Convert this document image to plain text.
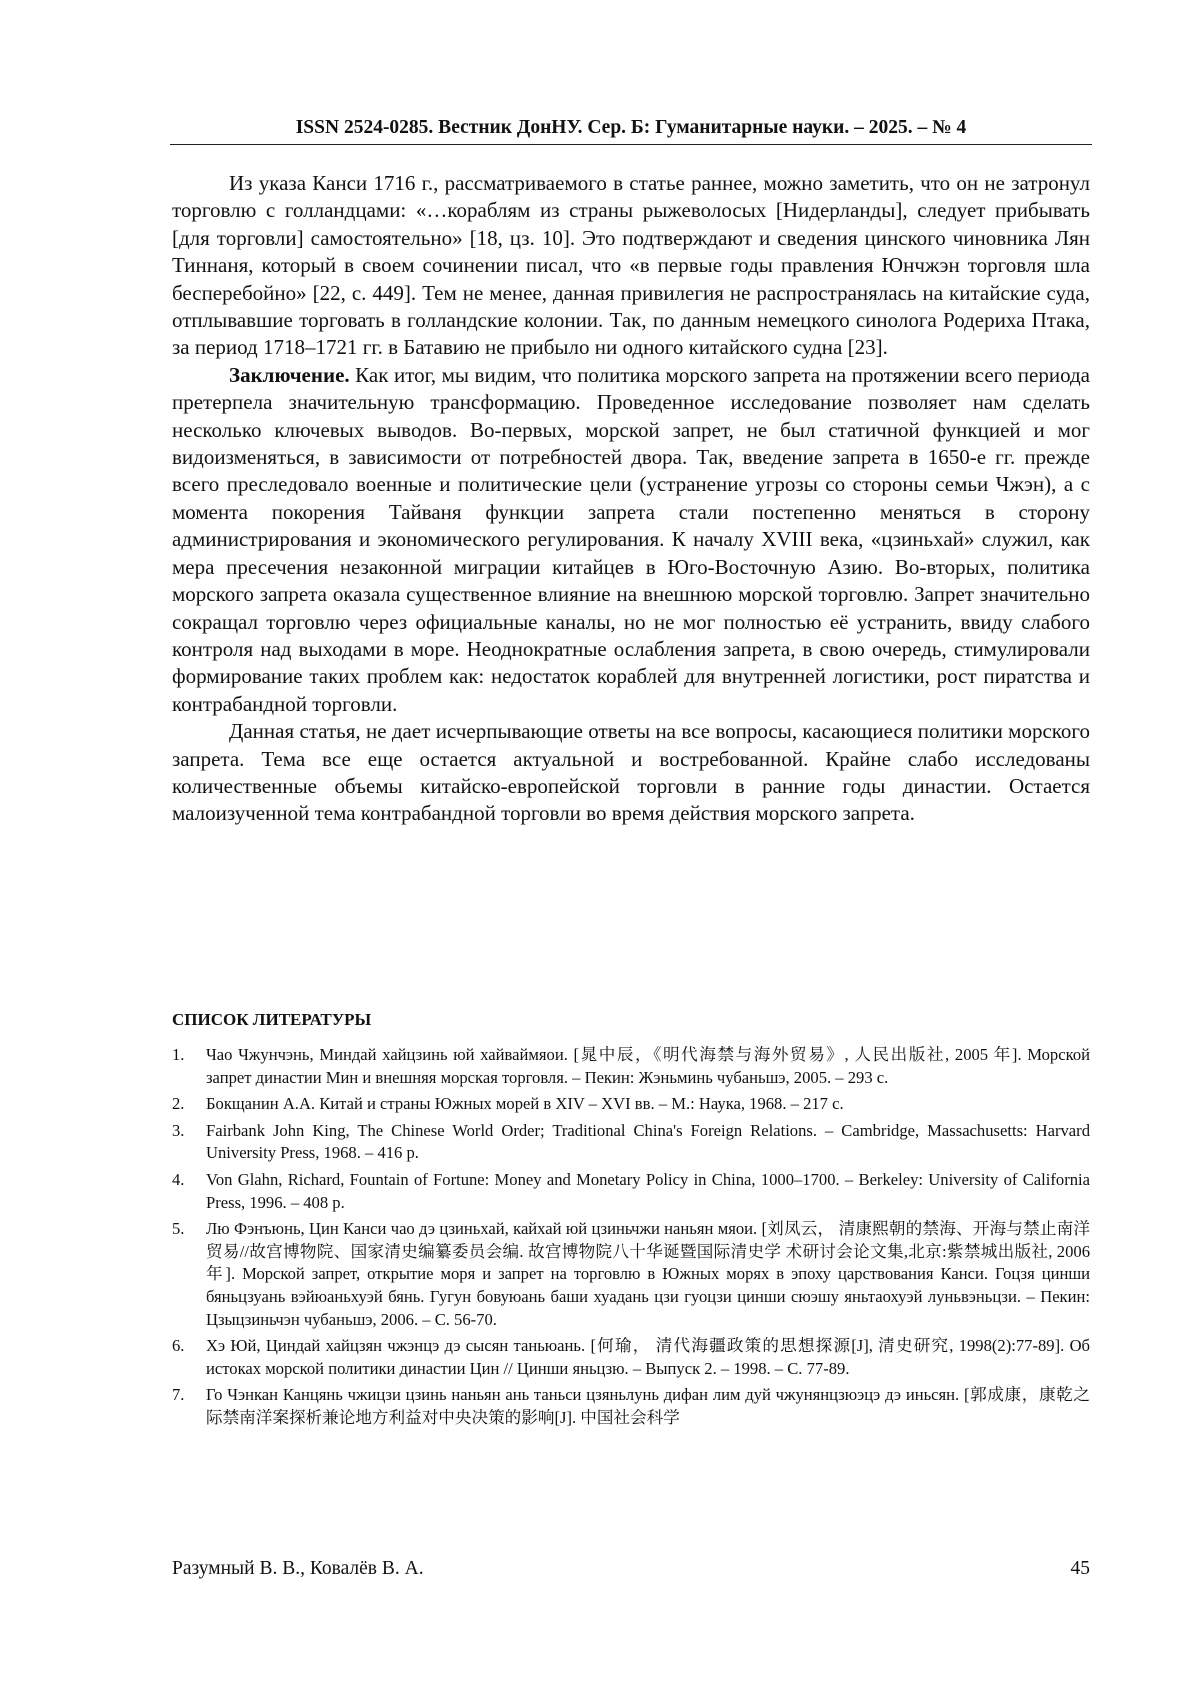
ISSN 2524-0285. Вестник ДонНУ. Сер. Б: Гуманитарные науки. – 2025. – № 4

Из указа Канси 1716 г., рассматриваемого в статье раннее, можно заметить, что он не затронул торговлю с голландцами: «…кораблям из страны рыжеволосых [Нидерланды], следует прибывать [для торговли] самостоятельно» [18, цз. 10]. Это подтверждают и сведения цинского чиновника Лян Тиннаня, который в своем сочинении писал, что «в первые годы правления Юнчжэн торговля шла бесперебойно» [22, с. 449]. Тем не менее, данная привилегия не распространялась на китайские суда, отплывавшие торговать в голландские колонии. Так, по данным немецкого синолога Родериха Птака, за период 1718–1721 гг. в Батавию не прибыло ни одного китайского судна [23].

Заключение. Как итог, мы видим, что политика морского запрета на протяжении всего периода претерпела значительную трансформацию. Проведенное исследование позволяет нам сделать несколько ключевых выводов. Во-первых, морской запрет, не был статичной функцией и мог видоизменяться, в зависимости от потребностей двора. Так, введение запрета в 1650-е гг. прежде всего преследовало военные и политические цели (устранение угрозы со стороны семьи Чжэн), а с момента покорения Тайваня функции запрета стали постепенно меняться в сторону администрирования и экономического регулирования. К началу XVIII века, «цзиньхай» служил, как мера пресечения незаконной миграции китайцев в Юго-Восточную Азию. Во-вторых, политика морского запрета оказала существенное влияние на внешнюю морской торговлю. Запрет значительно сокращал торговлю через официальные каналы, но не мог полностью её устранить, ввиду слабого контроля над выходами в море. Неоднократные ослабления запрета, в свою очередь, стимулировали формирование таких проблем как: недостаток кораблей для внутренней логистики, рост пиратства и контрабандной торговли.

Данная статья, не дает исчерпывающие ответы на все вопросы, касающиеся политики морского запрета. Тема все еще остается актуальной и востребованной. Крайне слабо исследованы количественные объемы китайско-европейской торговли в ранние годы династии. Остается малоизученной тема контрабандной торговли во время действия морского запрета.

СПИСОК ЛИТЕРАТУРЫ
1.	Чао Чжунчэнь, Миндай хайцзинь юй хайваймяои. [晁中辰，《明代海禁与海外贸易》, 人民出版社, 2005 年]. Морской запрет династии Мин и внешняя морская торговля. – Пекин: Жэньминь чубаньшэ, 2005. – 293 с.
2.	Бокщанин А.А. Китай и страны Южных морей в XIV – XVI вв. – М.: Наука, 1968. – 217 с.
3.	Fairbank John King, The Chinese World Order; Traditional China's Foreign Relations. – Cambridge, Massachusetts: Harvard University Press, 1968. – 416 p.
4.	Von Glahn, Richard, Fountain of Fortune: Money and Monetary Policy in China, 1000–1700. – Berkeley: University of California Press, 1996. – 408 p.
5.	Лю Фэнъюнь, Цин Канси чао дэ цзиньхай, кайхай юй цзиньчжи наньян мяои. [刘凤云， 清康熙朝的禁海、开海与禁止南洋贸易//故宫博物院、国家清史编纂委员会编. 故宫博物院八十华诞暨国际清史学 术研讨会论文集,北京:紫禁城出版社, 2006 年]. Морской запрет, открытие моря и запрет на торговлю в Южных морях в эпоху царствования Канси. Гоцзя цинши бяньцзуань вэйюаньхуэй бянь. Гугун бовуюань баши хуадань цзи гуоцзи цинши сюэшу яньтаохуэй луньвэньцзи. – Пекин: Цзыцзиньчэн чубаньшэ, 2006. – С. 56-70.
6.	Хэ Юй, Циндай хайцзян чжэнцэ дэ сысян таньюань. [何瑜， 清代海疆政策的思想探源[J], 清史研究, 1998(2):77-89]. Об истоках морской политики династии Цин // Цинши яньцзю. – Выпуск 2. – 1998. – С. 77-89.
7.	Го Чэнкан Канцянь чжицзи цзинь наньян ань таньси цзяньлунь дифан лим дуй чжунянцзюэцэ дэ иньсян. [郭成康，康乾之际禁南洋案探析兼论地方利益对中央决策的影响[J]. 中国社会科学
Разумный В. В., Ковалёв В. А.	45
